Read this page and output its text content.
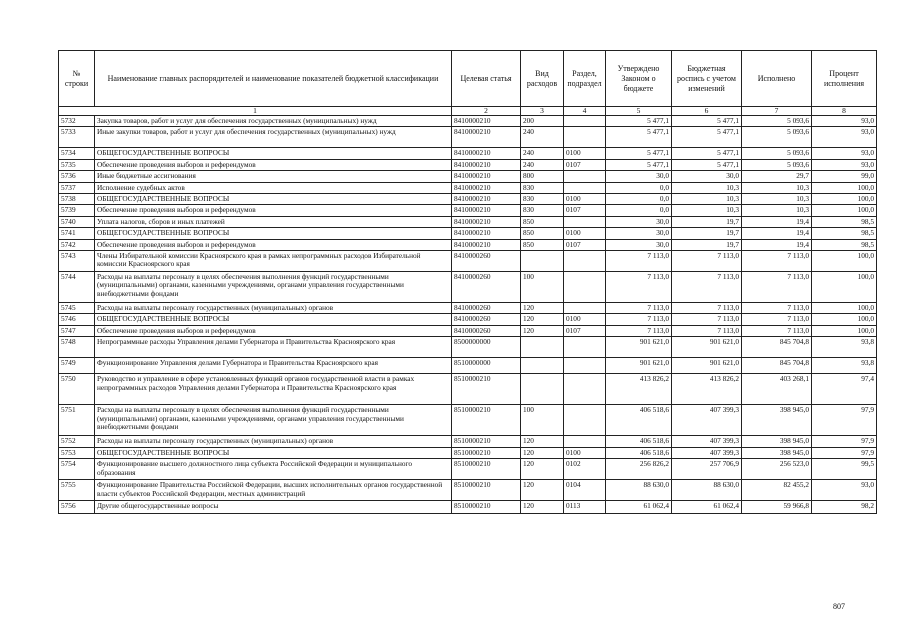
№ строки	Наименование главных распорядителей и наименование показателей бюджетной классификации	Целевая статья	Вид расходов	Раздел, подраздел	Утверждено Законом о бюджете	Бюджетная роспись с учетом изменений	Исполнено	Процент исполнения
1		2	3	4	5	6	7	8
5732	Закупка товаров, работ и услуг для обеспечения государственных (муниципальных) нужд	8410000210	200		5 477,1	5 477,1	5 093,6	93,0
5733	Иные закупки товаров, работ и услуг для обеспечения государственных (муниципальных) нужд	8410000210	240		5 477,1	5 477,1	5 093,6	93,0
5734	ОБЩЕГОСУДАРСТВЕННЫЕ ВОПРОСЫ	8410000210	240	0100	5 477,1	5 477,1	5 093,6	93,0
5735	Обеспечение проведения выборов и референдумов	8410000210	240	0107	5 477,1	5 477,1	5 093,6	93,0
5736	Иные бюджетные ассигнования	8410000210	800		30,0	30,0	29,7	99,0
5737	Исполнение судебных актов	8410000210	830		0,0	10,3	10,3	100,0
5738	ОБЩЕГОСУДАРСТВЕННЫЕ ВОПРОСЫ	8410000210	830	0100	0,0	10,3	10,3	100,0
5739	Обеспечение проведения выборов и референдумов	8410000210	830	0107	0,0	10,3	10,3	100,0
5740	Уплата налогов, сборов и иных платежей	8410000210	850		30,0	19,7	19,4	98,5
5741	ОБЩЕГОСУДАРСТВЕННЫЕ ВОПРОСЫ	8410000210	850	0100	30,0	19,7	19,4	98,5
5742	Обеспечение проведения выборов и референдумов	8410000210	850	0107	30,0	19,7	19,4	98,5
5743	Члены Избирательной комиссии Красноярского края в рамках непрограммных расходов Избирательной комиссии Красноярского края	8410000260			7 113,0	7 113,0	7 113,0	100,0
5744	Расходы на выплаты персоналу в целях обеспечения выполнения функций государственными (муниципальными) органами, казенными учреждениями, органами управления государственными внебюджетными фондами	8410000260	100		7 113,0	7 113,0	7 113,0	100,0
5745	Расходы на выплаты персоналу государственных (муниципальных) органов	8410000260	120		7 113,0	7 113,0	7 113,0	100,0
5746	ОБЩЕГОСУДАРСТВЕННЫЕ ВОПРОСЫ	8410000260	120	0100	7 113,0	7 113,0	7 113,0	100,0
5747	Обеспечение проведения выборов и референдумов	8410000260	120	0107	7 113,0	7 113,0	7 113,0	100,0
5748	Непрограммные расходы Управления делами Губернатора и Правительства Красноярского края	8500000000			901 621,0	901 621,0	845 704,8	93,8
5749	Функционирование Управления делами Губернатора и Правительства Красноярского края	8510000000			901 621,0	901 621,0	845 704,8	93,8
5750	Руководство и управление в сфере установленных функций органов государственной власти в рамках непрограммных расходов Управления делами Губернатора и Правительства Красноярского края	8510000210			413 826,2	413 826,2	403 268,1	97,4
5751	Расходы на выплаты персоналу в целях обеспечения выполнения функций государственными (муниципальными) органами, казенными учреждениями, органами управления государственными внебюджетными фондами	8510000210	100		406 518,6	407 399,3	398 945,0	97,9
5752	Расходы на выплаты персоналу государственных (муниципальных) органов	8510000210	120		406 518,6	407 399,3	398 945,0	97,9
5753	ОБЩЕГОСУДАРСТВЕННЫЕ ВОПРОСЫ	8510000210	120	0100	406 518,6	407 399,3	398 945,0	97,9
5754	Функционирование высшего должностного лица субъекта Российской Федерации и муниципального образования	8510000210	120	0102	256 826,2	257 706,9	256 523,0	99,5
5755	Функционирование Правительства Российской Федерации, высших исполнительных органов государственной власти субъектов Российской Федерации, местных администраций	8510000210	120	0104	88 630,0	88 630,0	82 455,2	93,0
5756	Другие общегосударственные вопросы	8510000210	120	0113	61 062,4	61 062,4	59 966,8	98,2
807
